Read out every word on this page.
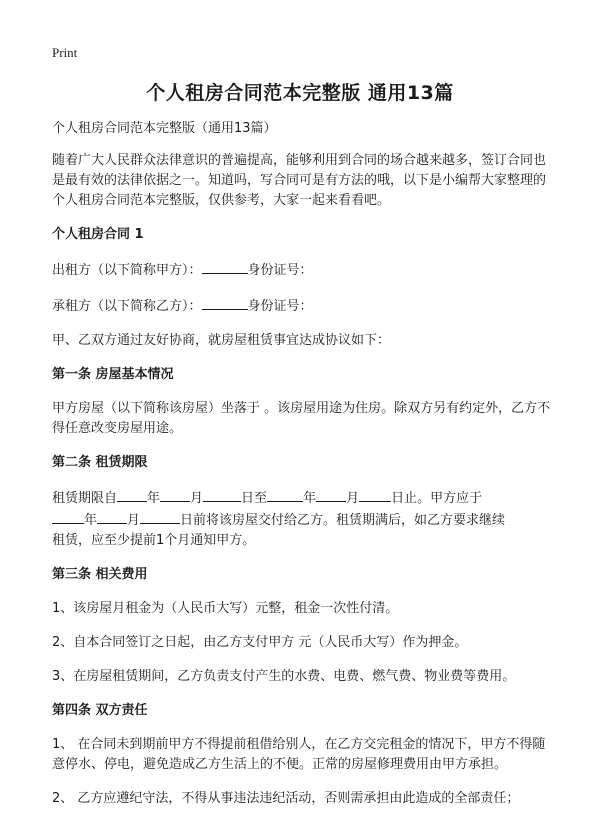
Print
个人租房合同范本完整版 通用13篇

个人租房合同范本完整版（通用13篇）

随着广大人民群众法律意识的普遍提高，能够利用到合同的场合越来越多，签订合同也是最有效的法律依据之一。知道吗，写合同可是有方法的哦，以下是小编帮大家整理的个人租房合同范本完整版，仅供参考，大家一起来看看吧。

个人租房合同 1

出租方（以下简称甲方）：	身份证号：

承租方（以下简称乙方）：	身份证号：

甲、乙双方通过友好协商，就房屋租赁事宜达成协议如下：

第一条 房屋基本情况

甲方房屋（以下简称该房屋）坐落于 。该房屋用途为住房。除双方另有约定外，乙方不得任意改变房屋用途。

第二条 租赁期限

租赁期限自 年 月	日至	年 月 日止。甲方应于
年 月	日前将该房屋交付给乙方。租赁期满后，如乙方要求继续
租赁，应至少提前1个月通知甲方。

第三条 相关费用

1、该房屋月租金为（人民币大写）元整，租金一次性付清。

2、自本合同签订之日起，由乙方支付甲方 元（人民币大写）作为押金。

3、在房屋租赁期间，乙方负责支付产生的水费、电费、燃气费、物业费等费用。

第四条 双方责任

1、 在合同未到期前甲方不得提前租借给别人，在乙方交完租金的情况下，甲方不得随意停水、停电，避免造成乙方生活上的不便。正常的房屋修理费用由甲方承担。

2、 乙方应遵纪守法，不得从事违法违纪活动，否则需承担由此造成的全部责任；
